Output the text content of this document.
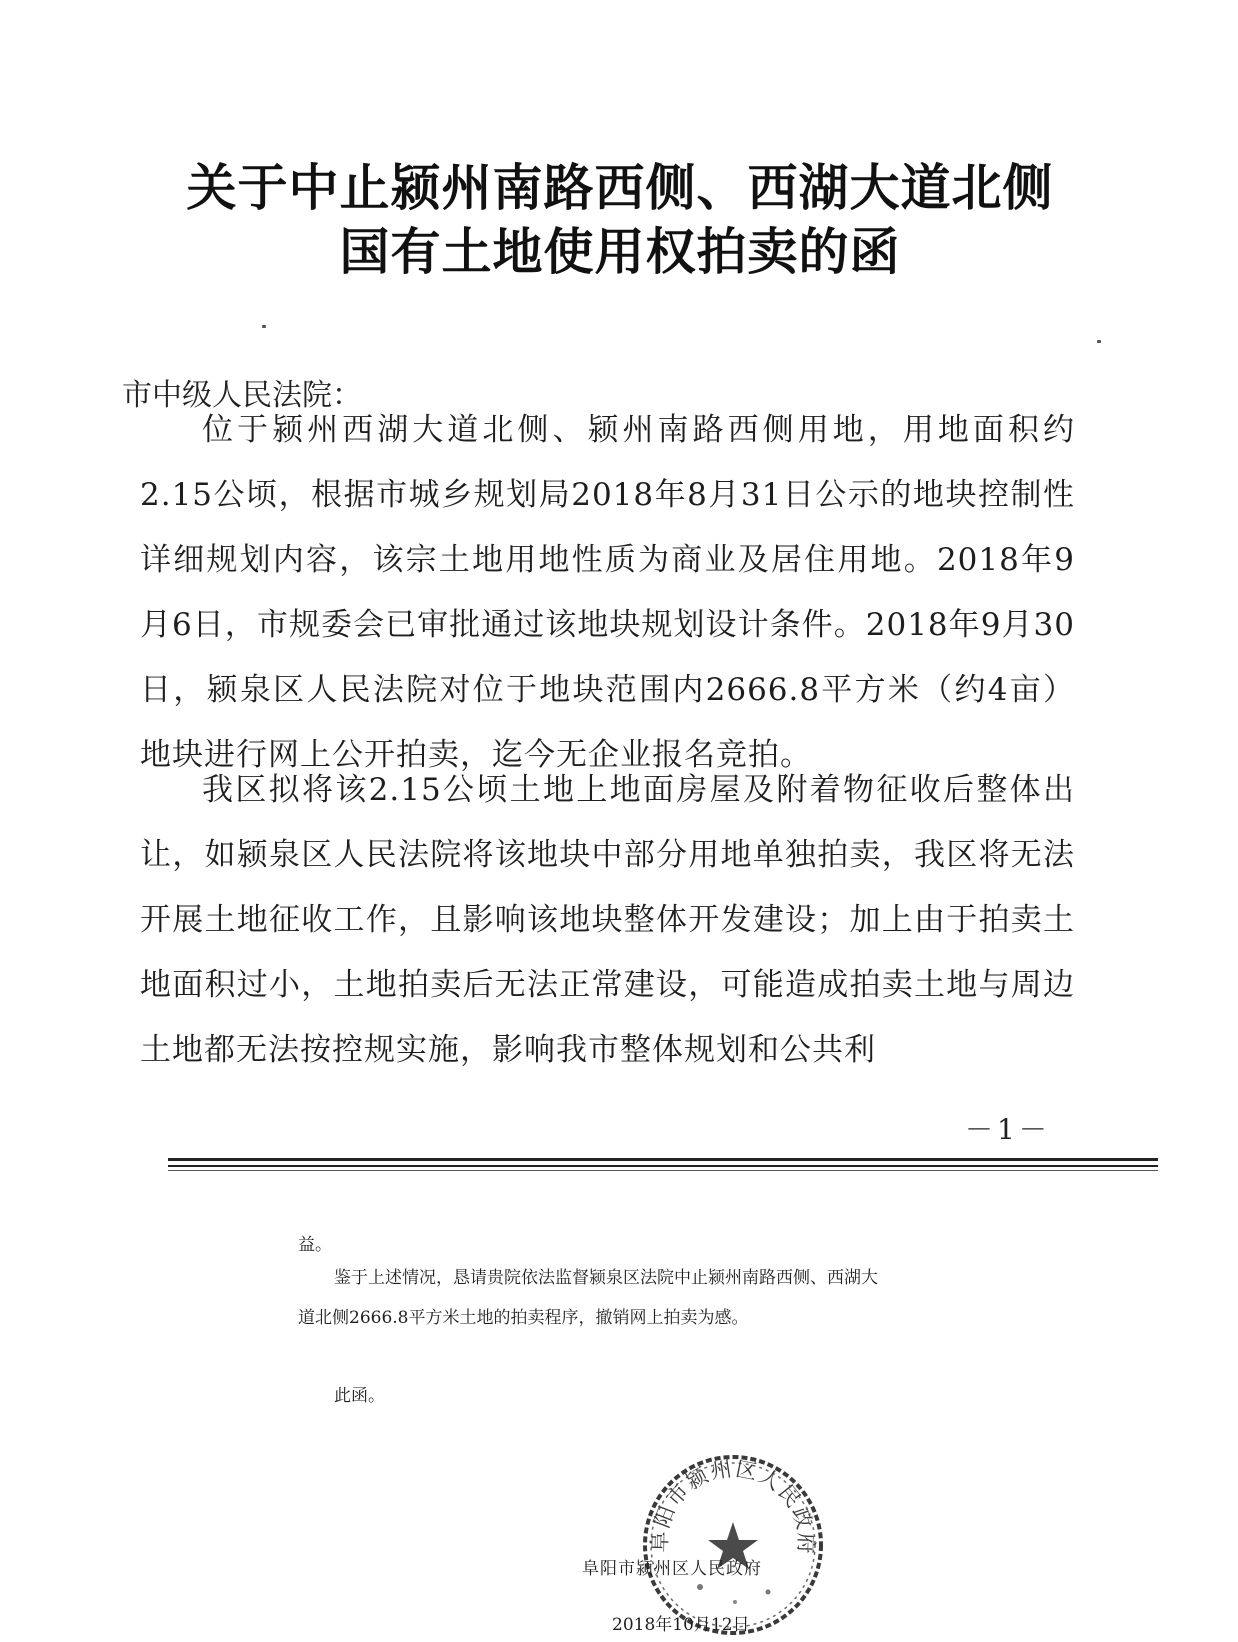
关于中止颍州南路西侧、西湖大道北侧
国有土地使用权拍卖的函
市中级人民法院：
位于颍州西湖大道北侧、颍州南路西侧用地，用地面积约2.15公顷，根据市城乡规划局2018年8月31日公示的地块控制性详细规划内容，该宗土地用地性质为商业及居住用地。2018年9月6日，市规委会已审批通过该地块规划设计条件。2018年9月30日，颍泉区人民法院对位于地块范围内2666.8平方米（约4亩）地块进行网上公开拍卖，迄今无企业报名竞拍。
我区拟将该2.15公顷土地上地面房屋及附着物征收后整体出让，如颍泉区人民法院将该地块中部分用地单独拍卖，我区将无法开展土地征收工作，且影响该地块整体开发建设；加上由于拍卖土地面积过小，土地拍卖后无法正常建设，可能造成拍卖土地与周边土地都无法按控规实施，影响我市整体规划和公共利
－1－
益。
鉴于上述情况，恳请贵院依法监督颍泉区法院中止颍州南路西侧、西湖大道北侧2666.8平方米土地的拍卖程序，撤销网上拍卖为感。
此函。
阜阳市颍州区人民政府
阜阳市颍州区人民政府
2018年10月12日
